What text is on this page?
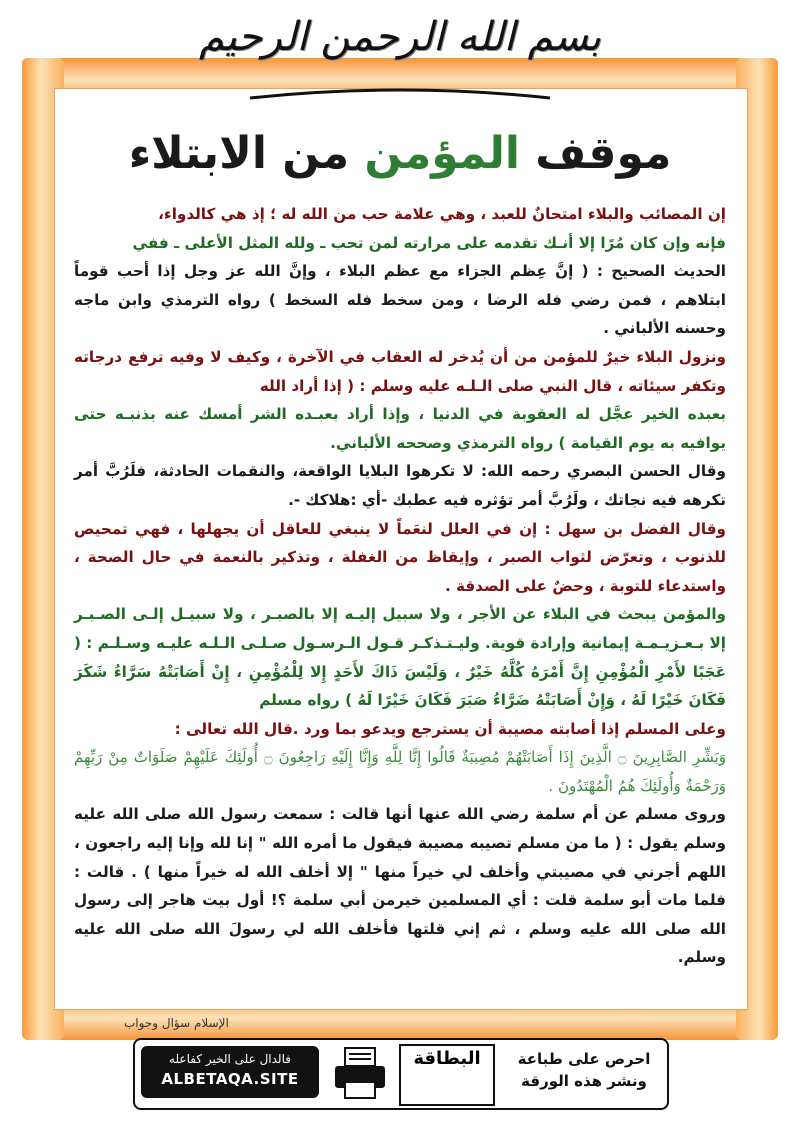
بسم الله الرحمن الرحيم
موقف المؤمن من الابتلاء

إن المصائب والبلاء امتحانٌ للعبد ، وهي علامة حب من الله له ؛ إذ هي كالدواء،

فإنه وإن كان مُرًا إلا أنـك تقدمه على مرارته لمن تحب ـ ولله المثل الأعلى ـ ففي

الحديث الصحيح : ( إنَّ عِظم الجزاء مع عظم البلاء ، وإنَّ الله عز وجل إذا أحب قوماً ابتلاهم ، فمن رضي فله الرضا ، ومن سخط فله السخط ) رواه الترمذي وابن ماجه وحسنه الألباني .

ونزول البلاء خيرٌ للمؤمن من أن يُدخر له العقاب في الآخرة ، وكيف لا وفيه ترفع درجاته وتكفر سيئاته ، قال النبي صلى الـلـه عليه وسلم : ( إذا أراد الله

بعبده الخير عجَّل له العقوبة في الدنيا ، وإذا أراد بعبـده الشر أمسك عنه بذنبـه حتى يوافيه به يوم القيامة ) رواه الترمذي وصححه الألباني.

وقال الحسن البصري رحمه الله: لا تكرهوا البلايا الواقعة، والنقمات الحادثة، فلَرُبَّ أمر تكرهه فيه نجاتك ، ولَرُبَّ أمر تؤثره فيه عطبك -أي :هلاكك -.

وقال الفضل بن سهل : إن في العلل لنعَماً لا ينبغي للعاقل أن يجهلها ، فهي تمحيص للذنوب ، وتعرّض لثواب الصبر ، وإيقاظ من الغفلة ، وتذكير بالنعمة في حال الصحة ، واستدعاء للتوبة ، وحضٌ على الصدقة .

والمؤمن يبحث في البلاء عن الأجر ، ولا سبيل إليـه إلا بالصبـر ، ولا سبيـل إلـى الصـبـر إلا بـعـزيـمـة إيمانية وإرادة قوية. وليـتـذكـر قـول الـرسـول صـلـى الـلـه عليـه وسـلـم : ( عَجَبًا لأَمْرِ الْمُؤْمِنِ إِنَّ أَمْرَهُ كُلَّهُ خَيْرٌ ، وَلَيْسَ ذَاكَ لأَحَدٍ إِلا لِلْمُؤْمِنِ ، إِنْ أَصَابَتْهُ سَرَّاءُ شَكَرَ فَكَانَ خَيْرًا لَهُ ، وَإِنْ أَصَابَتْهُ ضَرَّاءُ صَبَرَ فَكَانَ خَيْرًا لَهُ ) رواه مسلم

وعلى المسلم إذا أصابته مصيبة أن يسترجع ويدعو بما ورد .قال الله تعالى :

وَبَشِّرِ الصَّابِرِينَ ۝ الَّذِينَ إِذَا أَصَابَتْهُمْ مُصِيبَةٌ قَالُوا إِنَّا لِلَّهِ وَإِنَّا إِلَيْهِ رَاجِعُونَ ۝ أُولَئِكَ عَلَيْهِمْ صَلَوَاتٌ مِنْ رَبِّهِمْ وَرَحْمَةٌ وَأُولَئِكَ هُمُ الْمُهْتَدُونَ .

وروى مسلم عن أم سلمة رضي الله عنها أنها قالت : سمعت رسول الله صلى الله عليه وسلم يقول : ( ما من مسلم تصيبه مصيبة فيقول ما أمره الله " إنا لله وإنا إليه راجعون ، اللهم أجرني في مصيبتي وأخلف لي خيراً منها " إلا أخلف الله له خيراً منها ) . قالت : فلما مات أبو سلمة قلت : أي المسلمين خيرمن أبي سلمة ؟! أول بيت هاجر إلى رسول الله صلى الله عليه وسلم ، ثم إني قلتها فأخلف الله لي رسولَ الله صلى الله عليه وسلم.

الإسلام سؤال وجواب
فالدال على الخير كفاعله
ALBETAQA.SITE
البطاقة	احرص على طباعة
ونشر هذه الورقة
